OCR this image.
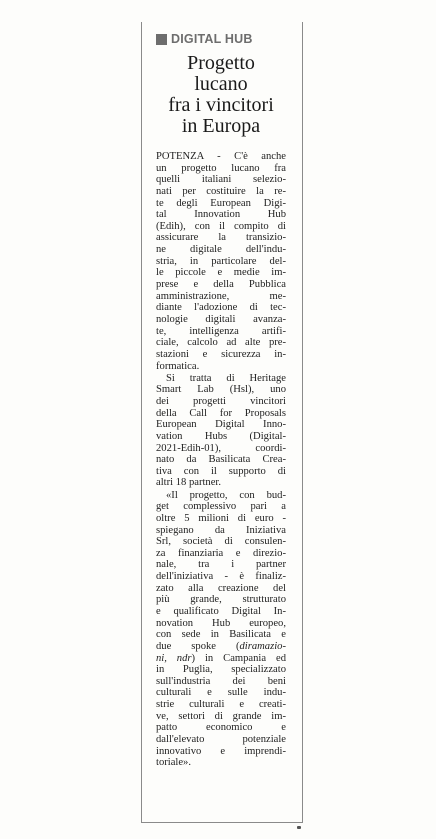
DIGITAL HUB
Progetto
lucano
fra i vincitori
in Europa
POTENZA - C'è anche
un progetto lucano fra
quelli italiani selezio-
nati per costituire la re-
te degli European Digi-
tal Innovation Hub
(Edih), con il compito di
assicurare la transizio-
ne digitale dell'indu-
stria, in particolare del-
le piccole e medie im-
prese e della Pubblica
amministrazione, me-
diante l'adozione di tec-
nologie digitali avanza-
te, intelligenza artifi-
ciale, calcolo ad alte pre-
stazioni e sicurezza in-
formatica.
Si tratta di Heritage
Smart Lab (Hsl), uno
dei progetti vincitori
della Call for Proposals
European Digital Inno-
vation Hubs (Digital-
2021-Edih-01), coordi-
nato da Basilicata Crea-
tiva con il supporto di
altri 18 partner.
«Il progetto, con bud-
get complessivo pari a
oltre 5 milioni di euro -
spiegano da Iniziativa
Srl, società di consulen-
za finanziaria e direzio-
nale, tra i partner
dell'iniziativa - è finaliz-
zato alla creazione del
più grande, strutturato
e qualificato Digital In-
novation Hub europeo,
con sede in Basilicata e
due spoke (diramazio-
ni, ndr) in Campania ed
in Puglia, specializzato
sull'industria dei beni
culturali e sulle indu-
strie culturali e creati-
ve, settori di grande im-
patto economico e
dall'elevato potenziale
innovativo e imprendi-
toriale».
